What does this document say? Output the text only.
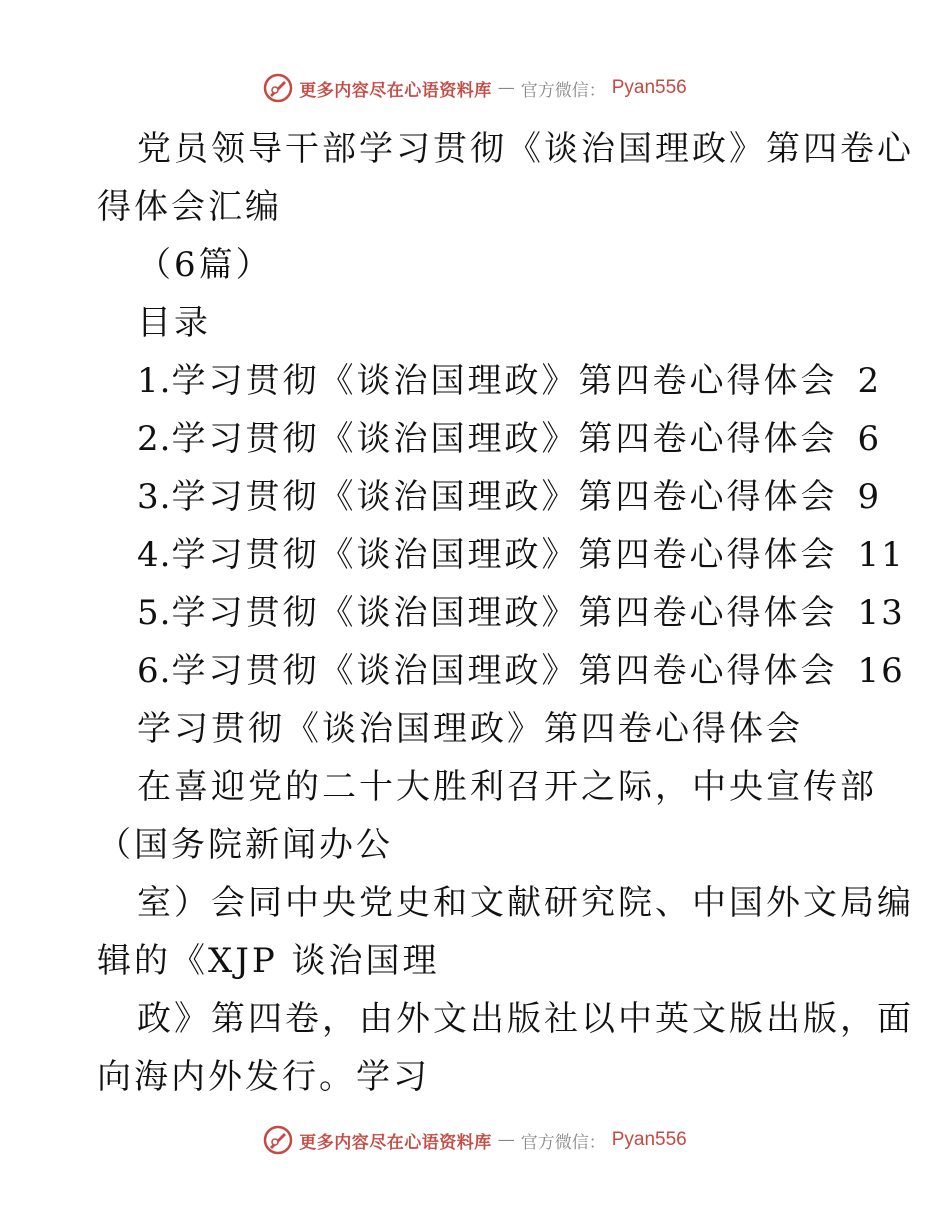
更多内容尽在心语资料库 — 官方微信： Pyan556
党员领导干部学习贯彻《谈治国理政》第四卷心
得体会汇编
（6篇）
目录
1. 学习贯彻《谈治国理政》第四卷心得体会 2
2. 学习贯彻《谈治国理政》第四卷心得体会 6
3. 学习贯彻《谈治国理政》第四卷心得体会 9
4. 学习贯彻《谈治国理政》第四卷心得体会 11
5. 学习贯彻《谈治国理政》第四卷心得体会 13
6. 学习贯彻《谈治国理政》第四卷心得体会 16
学习贯彻《谈治国理政》第四卷心得体会
在喜迎党的二十大胜利召开之际，中央宣传部
（国务院新闻办公
室）会同中央党史和文献研究院、中国外文局编
辑的《XJP 谈治国理
政》第四卷，由外文出版社以中英文版出版，面
向海内外发行。学习
更多内容尽在心语资料库 — 官方微信： Pyan556
